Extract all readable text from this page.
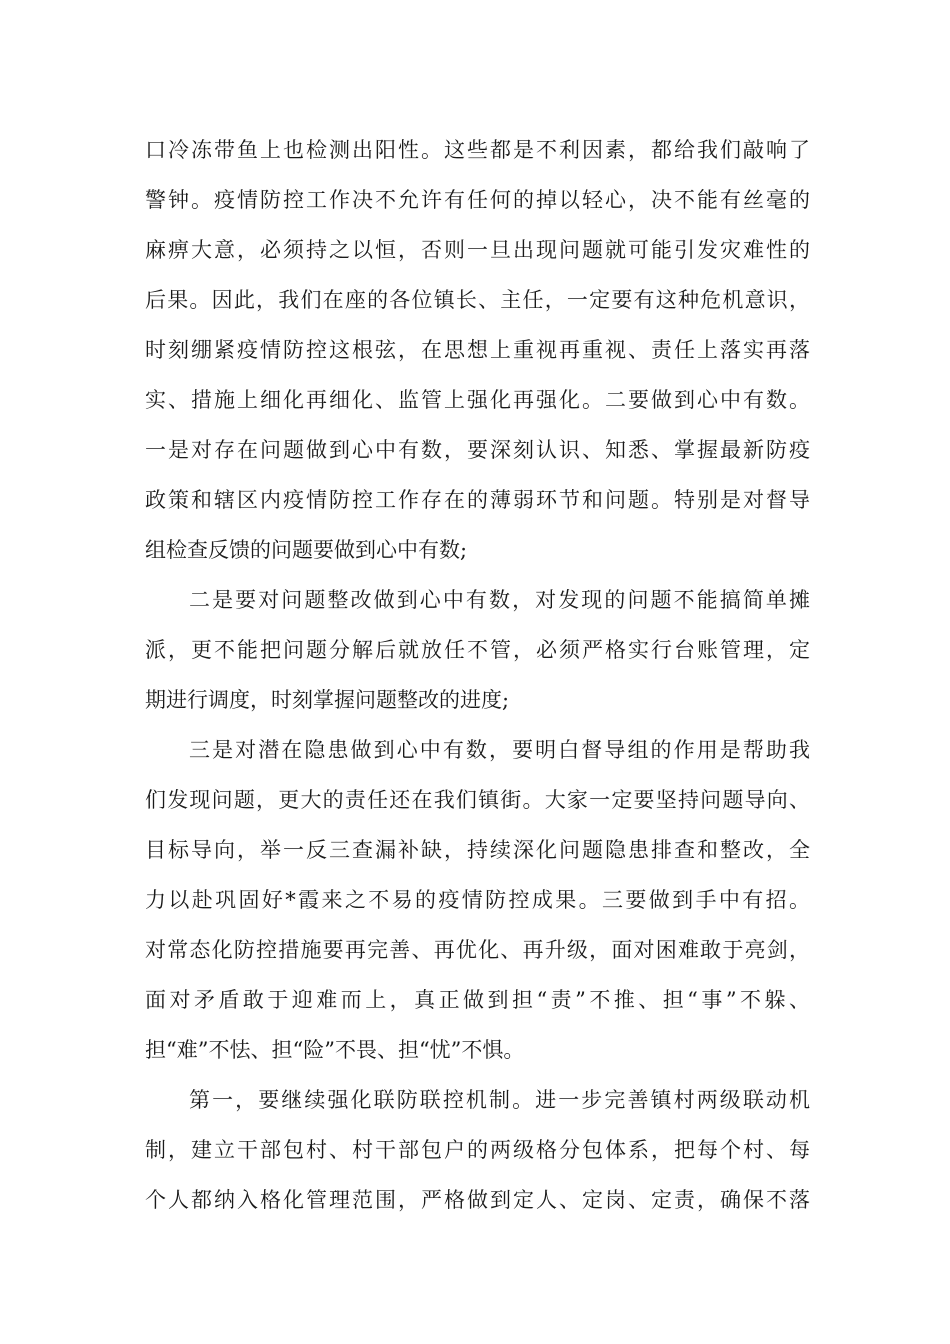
口冷冻带鱼上也检测出阳性。这些都是不利因素，都给我们敲响了
警钟。疫情防控工作决不允许有任何的掉以轻心，决不能有丝毫的
麻痹大意，必须持之以恒，否则一旦出现问题就可能引发灾难性的
后果。因此，我们在座的各位镇长、主任，一定要有这种危机意识，
时刻绷紧疫情防控这根弦，在思想上重视再重视、责任上落实再落
实、措施上细化再细化、监管上强化再强化。二要做到心中有数。
一是对存在问题做到心中有数，要深刻认识、知悉、掌握最新防疫
政策和辖区内疫情防控工作存在的薄弱环节和问题。特别是对督导
组检查反馈的问题要做到心中有数;
二是要对问题整改做到心中有数，对发现的问题不能搞简单摊
派，更不能把问题分解后就放任不管，必须严格实行台账管理，定
期进行调度，时刻掌握问题整改的进度;
三是对潜在隐患做到心中有数，要明白督导组的作用是帮助我
们发现问题，更大的责任还在我们镇街。大家一定要坚持问题导向、
目标导向，举一反三查漏补缺，持续深化问题隐患排查和整改，全
力以赴巩固好*霞来之不易的疫情防控成果。三要做到手中有招。
对常态化防控措施要再完善、再优化、再升级，面对困难敢于亮剑，
面对矛盾敢于迎难而上，真正做到担“责”不推、担“事”不躲、
担“难”不怯、担“险”不畏、担“忧”不惧。
第一，要继续强化联防联控机制。进一步完善镇村两级联动机
制，建立干部包村、村干部包户的两级格分包体系，把每个村、每
个人都纳入格化管理范围，严格做到定人、定岗、定责，确保不落
